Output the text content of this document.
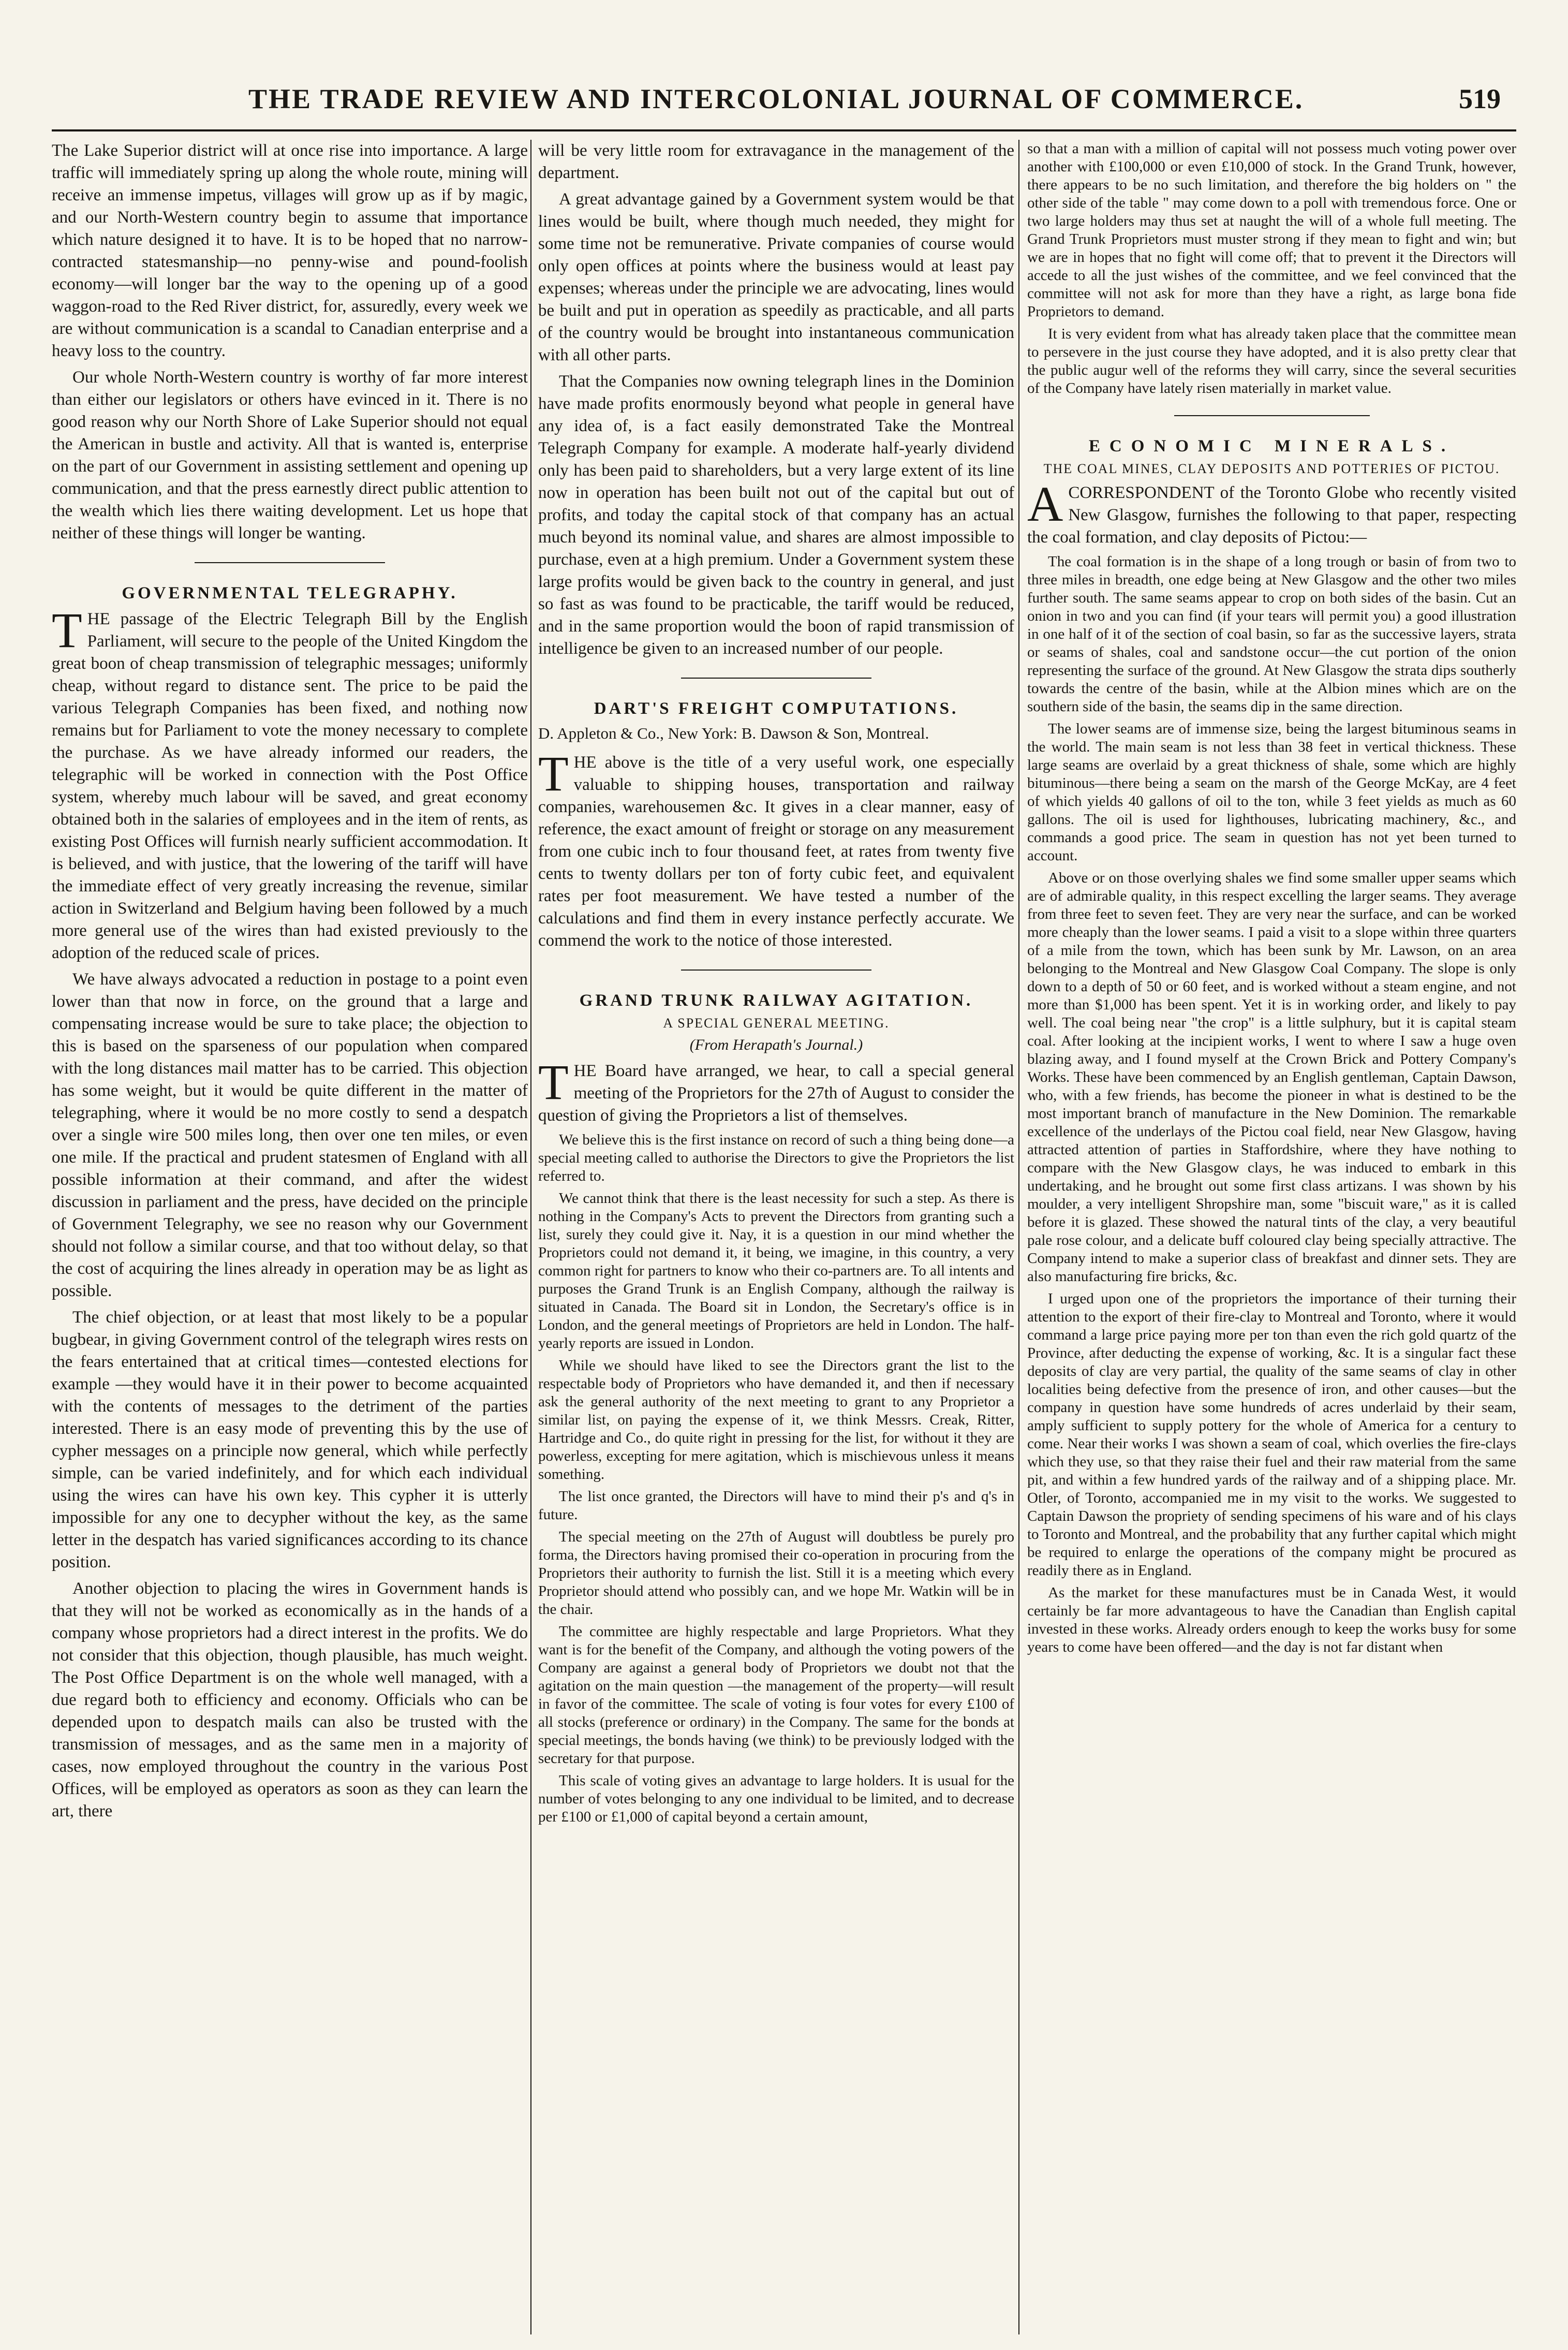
THE TRADE REVIEW AND INTERCOLONIAL JOURNAL OF COMMERCE.	519

The Lake Superior district will at once rise into importance. A large traffic will immediately spring up along the whole route, mining will receive an immense impetus, villages will grow up as if by magic, and our North-Western country begin to assume that importance which nature designed it to have. It is to be hoped that no narrow-contracted statesmanship—no penny-wise and pound-foolish economy—will longer bar the way to the opening up of a good waggon-road to the Red River district, for, assuredly, every week we are without communication is a scandal to Canadian enterprise and a heavy loss to the country.

Our whole North-Western country is worthy of far more interest than either our legislators or others have evinced in it. There is no good reason why our North Shore of Lake Superior should not equal the American in bustle and activity. All that is wanted is, enterprise on the part of our Government in assisting settlement and opening up communication, and that the press earnestly direct public attention to the wealth which lies there waiting development. Let us hope that neither of these things will longer be wanting.

GOVERNMENTAL TELEGRAPHY.

THE passage of the Electric Telegraph Bill by the English Parliament, will secure to the people of the United Kingdom the great boon of cheap transmission of telegraphic messages; uniformly cheap, without regard to distance sent. The price to be paid the various Telegraph Companies has been fixed, and nothing now remains but for Parliament to vote the money necessary to complete the purchase. As we have already informed our readers, the telegraphic will be worked in connection with the Post Office system, whereby much labour will be saved, and great economy obtained both in the salaries of employees and in the item of rents, as existing Post Offices will furnish nearly sufficient accommodation. It is believed, and with justice, that the lowering of the tariff will have the immediate effect of very greatly increasing the revenue, similar action in Switzerland and Belgium having been followed by a much more general use of the wires than had existed previously to the adoption of the reduced scale of prices.

We have always advocated a reduction in postage to a point even lower than that now in force, on the ground that a large and compensating increase would be sure to take place; the objection to this is based on the sparseness of our population when compared with the long distances mail matter has to be carried. This objection has some weight, but it would be quite different in the matter of telegraphing, where it would be no more costly to send a despatch over a single wire 500 miles long, then over one ten miles, or even one mile. If the practical and prudent statesmen of England with all possible information at their command, and after the widest discussion in parliament and the press, have decided on the principle of Government Telegraphy, we see no reason why our Government should not follow a similar course, and that too without delay, so that the cost of acquiring the lines already in operation may be as light as possible.

The chief objection, or at least that most likely to be a popular bugbear, in giving Government control of the telegraph wires rests on the fears entertained that at critical times—contested elections for example —they would have it in their power to become acquainted with the contents of messages to the detriment of the parties interested. There is an easy mode of preventing this by the use of cypher messages on a principle now general, which while perfectly simple, can be varied indefinitely, and for which each individual using the wires can have his own key. This cypher it is utterly impossible for any one to decypher without the key, as the same letter in the despatch has varied significances according to its chance position.

Another objection to placing the wires in Government hands is that they will not be worked as economically as in the hands of a company whose proprietors had a direct interest in the profits. We do not consider that this objection, though plausible, has much weight. The Post Office Department is on the whole well managed, with a due regard both to efficiency and economy. Officials who can be depended upon to despatch mails can also be trusted with the transmission of messages, and as the same men in a majority of cases, now employed throughout the country in the various Post Offices, will be employed as operators as soon as they can learn the art, there

will be very little room for extravagance in the management of the department.

A great advantage gained by a Government system would be that lines would be built, where though much needed, they might for some time not be remunerative. Private companies of course would only open offices at points where the business would at least pay expenses; whereas under the principle we are advocating, lines would be built and put in operation as speedily as practicable, and all parts of the country would be brought into instantaneous communication with all other parts.

That the Companies now owning telegraph lines in the Dominion have made profits enormously beyond what people in general have any idea of, is a fact easily demonstrated Take the Montreal Telegraph Company for example. A moderate half-yearly dividend only has been paid to shareholders, but a very large extent of its line now in operation has been built not out of the capital but out of profits, and today the capital stock of that company has an actual much beyond its nominal value, and shares are almost impossible to purchase, even at a high premium. Under a Government system these large profits would be given back to the country in general, and just so fast as was found to be practicable, the tariff would be reduced, and in the same proportion would the boon of rapid transmission of intelligence be given to an increased number of our people.

DART'S FREIGHT COMPUTATIONS.

D. Appleton & Co., New York: B. Dawson & Son, Montreal.

THE above is the title of a very useful work, one especially valuable to shipping houses, transportation and railway companies, warehousemen &c. It gives in a clear manner, easy of reference, the exact amount of freight or storage on any measurement from one cubic inch to four thousand feet, at rates from twenty five cents to twenty dollars per ton of forty cubic feet, and equivalent rates per foot measurement. We have tested a number of the calculations and find them in every instance perfectly accurate. We commend the work to the notice of those interested.

GRAND TRUNK RAILWAY AGITATION.
A SPECIAL GENERAL MEETING.
(From Herapath's Journal.)

THE Board have arranged, we hear, to call a special general meeting of the Proprietors for the 27th of August to consider the question of giving the Proprietors a list of themselves.

We believe this is the first instance on record of such a thing being done—a special meeting called to authorise the Directors to give the Proprietors the list referred to.

We cannot think that there is the least necessity for such a step. As there is nothing in the Company's Acts to prevent the Directors from granting such a list, surely they could give it. Nay, it is a question in our mind whether the Proprietors could not demand it, it being, we imagine, in this country, a very common right for partners to know who their co-partners are. To all intents and purposes the Grand Trunk is an English Company, although the railway is situated in Canada. The Board sit in London, the Secretary's office is in London, and the general meetings of Proprietors are held in London. The half-yearly reports are issued in London.

While we should have liked to see the Directors grant the list to the respectable body of Proprietors who have demanded it, and then if necessary ask the general authority of the next meeting to grant to any Proprietor a similar list, on paying the expense of it, we think Messrs. Creak, Ritter, Hartridge and Co., do quite right in pressing for the list, for without it they are powerless, excepting for mere agitation, which is mischievous unless it means something.

The list once granted, the Directors will have to mind their p's and q's in future.

The special meeting on the 27th of August will doubtless be purely pro forma, the Directors having promised their co-operation in procuring from the Proprietors their authority to furnish the list. Still it is a meeting which every Proprietor should attend who possibly can, and we hope Mr. Watkin will be in the chair.

The committee are highly respectable and large Proprietors. What they want is for the benefit of the Company, and although the voting powers of the Company are against a general body of Proprietors we doubt not that the agitation on the main question —the management of the property—will result in favor of the committee. The scale of voting is four votes for every £100 of all stocks (preference or ordinary) in the Company. The same for the bonds at special meetings, the bonds having (we think) to be previously lodged with the secretary for that purpose.

This scale of voting gives an advantage to large holders. It is usual for the number of votes belonging to any one individual to be limited, and to decrease per £100 or £1,000 of capital beyond a certain amount,

so that a man with a million of capital will not possess much voting power over another with £100,000 or even £10,000 of stock. In the Grand Trunk, however, there appears to be no such limitation, and therefore the big holders on " the other side of the table " may come down to a poll with tremendous force. One or two large holders may thus set at naught the will of a whole full meeting. The Grand Trunk Proprietors must muster strong if they mean to fight and win; but we are in hopes that no fight will come off; that to prevent it the Directors will accede to all the just wishes of the committee, and we feel convinced that the committee will not ask for more than they have a right, as large bona fide Proprietors to demand.

It is very evident from what has already taken place that the committee mean to persevere in the just course they have adopted, and it is also pretty clear that the public augur well of the reforms they will carry, since the several securities of the Company have lately risen materially in market value.

ECONOMIC MINERALS.
THE COAL MINES, CLAY DEPOSITS AND POTTERIES OF PICTOU.

ACORRESPONDENT of the Toronto Globe who recently visited New Glasgow, furnishes the following to that paper, respecting the coal formation, and clay deposits of Pictou:—

The coal formation is in the shape of a long trough or basin of from two to three miles in breadth, one edge being at New Glasgow and the other two miles further south. The same seams appear to crop on both sides of the basin. Cut an onion in two and you can find (if your tears will permit you) a good illustration in one half of it of the section of coal basin, so far as the successive layers, strata or seams of shales, coal and sandstone occur—the cut portion of the onion representing the surface of the ground. At New Glasgow the strata dips southerly towards the centre of the basin, while at the Albion mines which are on the southern side of the basin, the seams dip in the same direction.

The lower seams are of immense size, being the largest bituminous seams in the world. The main seam is not less than 38 feet in vertical thickness. These large seams are overlaid by a great thickness of shale, some which are highly bituminous—there being a seam on the marsh of the George McKay, are 4 feet of which yields 40 gallons of oil to the ton, while 3 feet yields as much as 60 gallons. The oil is used for lighthouses, lubricating machinery, &c., and commands a good price. The seam in question has not yet been turned to account.

Above or on those overlying shales we find some smaller upper seams which are of admirable quality, in this respect excelling the larger seams. They average from three feet to seven feet. They are very near the surface, and can be worked more cheaply than the lower seams. I paid a visit to a slope within three quarters of a mile from the town, which has been sunk by Mr. Lawson, on an area belonging to the Montreal and New Glasgow Coal Company. The slope is only down to a depth of 50 or 60 feet, and is worked without a steam engine, and not more than $1,000 has been spent. Yet it is in working order, and likely to pay well. The coal being near "the crop" is a little sulphury, but it is capital steam coal. After looking at the incipient works, I went to where I saw a huge oven blazing away, and I found myself at the Crown Brick and Pottery Company's Works. These have been commenced by an English gentleman, Captain Dawson, who, with a few friends, has become the pioneer in what is destined to be the most important branch of manufacture in the New Dominion. The remarkable excellence of the underlays of the Pictou coal field, near New Glasgow, having attracted attention of parties in Staffordshire, where they have nothing to compare with the New Glasgow clays, he was induced to embark in this undertaking, and he brought out some first class artizans. I was shown by his moulder, a very intelligent Shropshire man, some "biscuit ware," as it is called before it is glazed. These showed the natural tints of the clay, a very beautiful pale rose colour, and a delicate buff coloured clay being specially attractive. The Company intend to make a superior class of breakfast and dinner sets. They are also manufacturing fire bricks, &c.

I urged upon one of the proprietors the importance of their turning their attention to the export of their fire-clay to Montreal and Toronto, where it would command a large price paying more per ton than even the rich gold quartz of the Province, after deducting the expense of working, &c. It is a singular fact these deposits of clay are very partial, the quality of the same seams of clay in other localities being defective from the presence of iron, and other causes—but the company in question have some hundreds of acres underlaid by their seam, amply sufficient to supply pottery for the whole of America for a century to come. Near their works I was shown a seam of coal, which overlies the fire-clays which they use, so that they raise their fuel and their raw material from the same pit, and within a few hundred yards of the railway and of a shipping place. Mr. Otler, of Toronto, accompanied me in my visit to the works. We suggested to Captain Dawson the propriety of sending specimens of his ware and of his clays to Toronto and Montreal, and the probability that any further capital which might be required to enlarge the operations of the company might be procured as readily there as in England.

As the market for these manufactures must be in Canada West, it would certainly be far more advantageous to have the Canadian than English capital invested in these works. Already orders enough to keep the works busy for some years to come have been offered—and the day is not far distant when
